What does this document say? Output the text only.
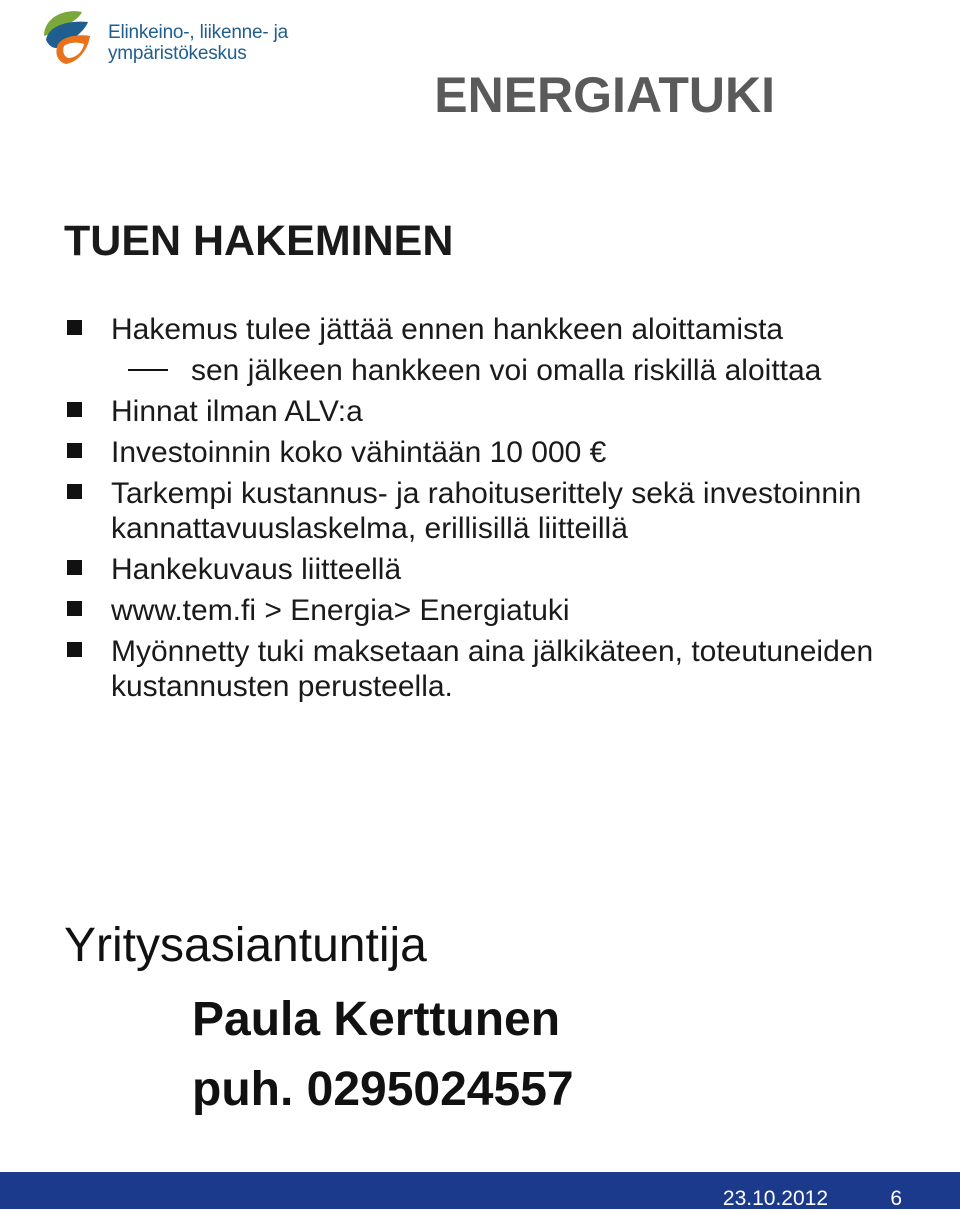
Elinkeino-, liikenne- ja
ympäristökeskus
ENERGIATUKI
TUEN HAKEMINEN
Hakemus tulee jättää ennen hankkeen aloittamista
sen jälkeen hankkeen voi omalla riskillä aloittaa
Hinnat ilman ALV:a
Investoinnin koko vähintään 10 000 €
Tarkempi kustannus- ja rahoituserittely sekä investoinnin kannattavuuslaskelma, erillisillä liitteillä
Hankekuvaus liitteellä
www.tem.fi > Energia> Energiatuki
Myönnetty tuki maksetaan aina jälkikäteen, toteutuneiden kustannusten perusteella.

Yritysasiantuntija

Paula Kerttunen

puh. 0295024557

23.10.2012	6
